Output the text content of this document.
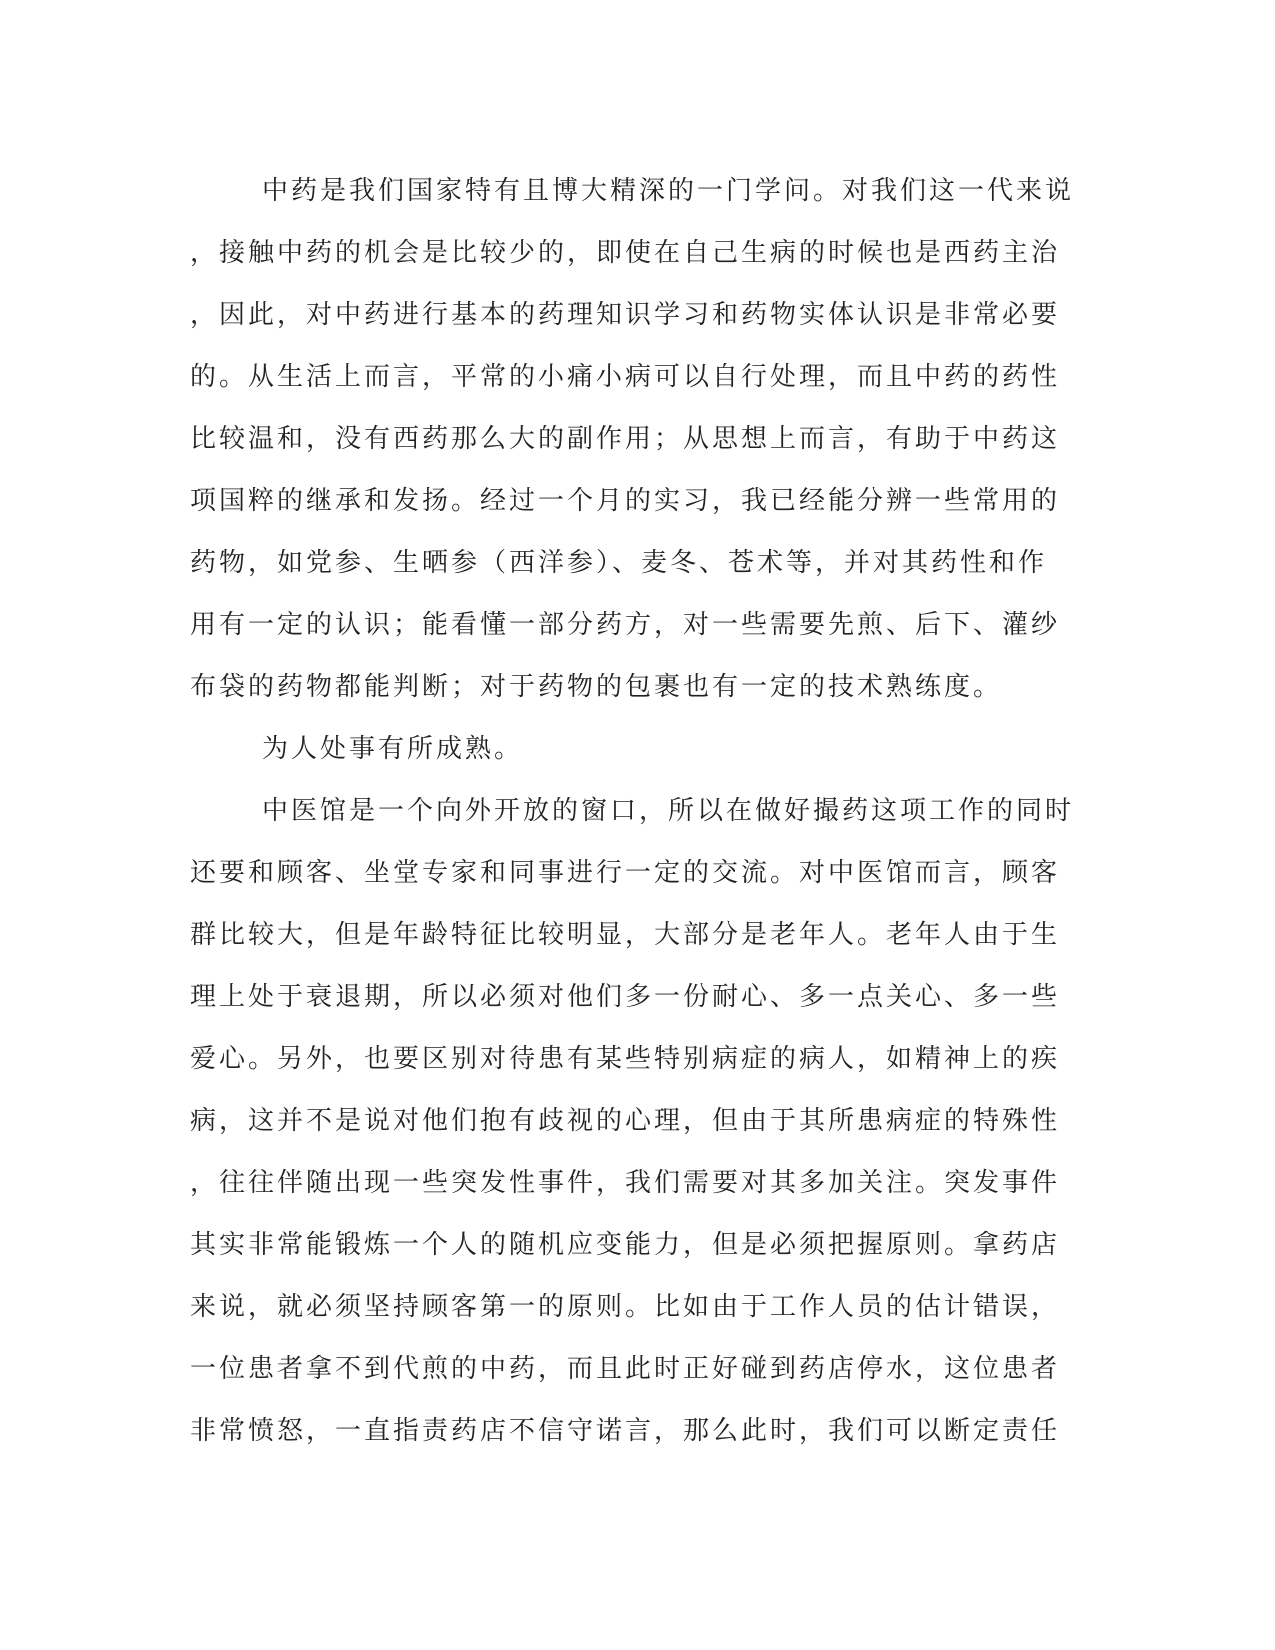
中药是我们国家特有且博大精深的一门学问。对我们这一代来说
，接触中药的机会是比较少的，即使在自己生病的时候也是西药主治
，因此，对中药进行基本的药理知识学习和药物实体认识是非常必要
的。从生活上而言，平常的小痛小病可以自行处理，而且中药的药性
比较温和，没有西药那么大的副作用；从思想上而言，有助于中药这
项国粹的继承和发扬。经过一个月的实习，我已经能分辨一些常用的
药物，如党参、生晒参（西洋参）、麦冬、苍术等，并对其药性和作
用有一定的认识；能看懂一部分药方，对一些需要先煎、后下、灌纱
布袋的药物都能判断；对于药物的包裹也有一定的技术熟练度。
为人处事有所成熟。
中医馆是一个向外开放的窗口，所以在做好撮药这项工作的同时
还要和顾客、坐堂专家和同事进行一定的交流。对中医馆而言，顾客
群比较大，但是年龄特征比较明显，大部分是老年人。老年人由于生
理上处于衰退期，所以必须对他们多一份耐心、多一点关心、多一些
爱心。另外，也要区别对待患有某些特别病症的病人，如精神上的疾
病，这并不是说对他们抱有歧视的心理，但由于其所患病症的特殊性
，往往伴随出现一些突发性事件，我们需要对其多加关注。突发事件
其实非常能锻炼一个人的随机应变能力，但是必须把握原则。拿药店
来说，就必须坚持顾客第一的原则。比如由于工作人员的估计错误，
一位患者拿不到代煎的中药，而且此时正好碰到药店停水，这位患者
非常愤怒，一直指责药店不信守诺言，那么此时，我们可以断定责任
